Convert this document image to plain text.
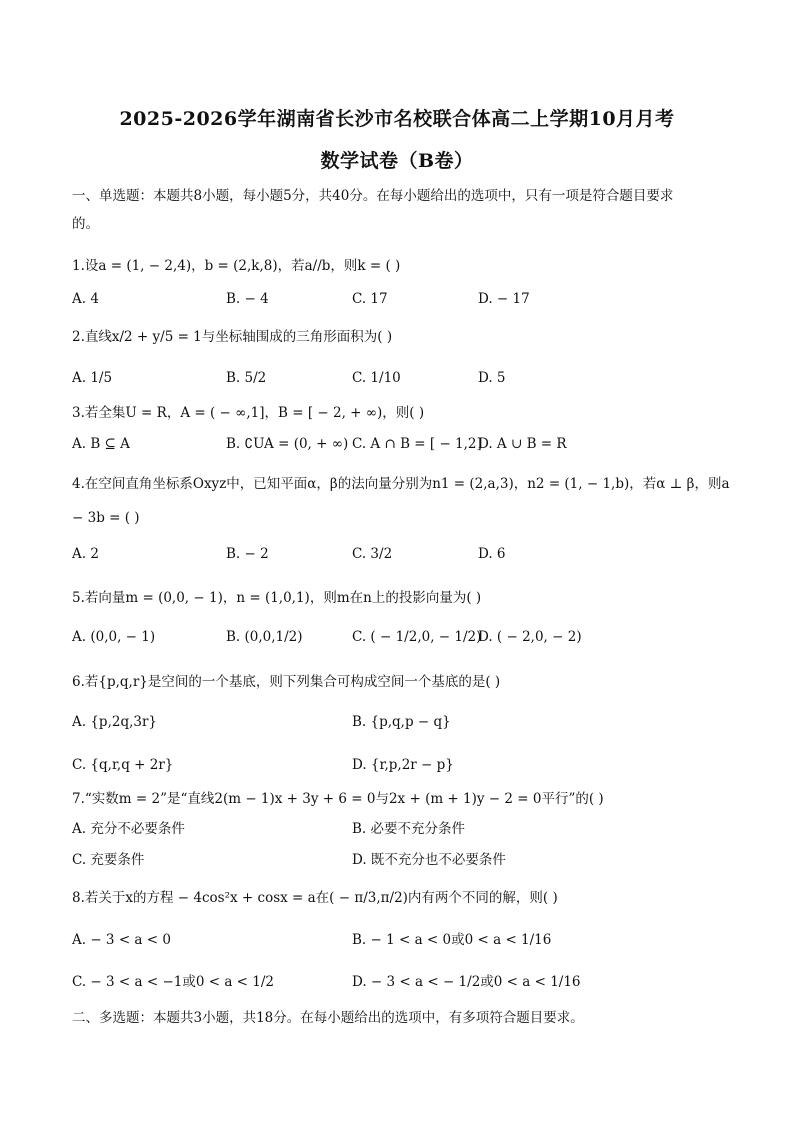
2025-2026学年湖南省长沙市名校联合体高二上学期10月月考
数学试卷（B卷）
一、单选题：本题共8小题，每小题5分，共40分。在每小题给出的选项中，只有一项是符合题目要求
的。
1.设a = (1, − 2,4)，b = (2,k,8)，若a//b，则k = ( )
A. 4	B. − 4	C. 17	D. − 17
2.直线x/2 + y/5 = 1与坐标轴围成的三角形面积为( )
A. 1/5	B. 5/2	C. 1/10	D. 5
3.若全集U = R，A = ( − ∞,1]，B = [ − 2, + ∞)，则( )
A. B ⊆ A	B. ∁UA = (0, + ∞) C. A ∩ B = [ − 1,2]
D. A ∪ B = R
4.在空间直角坐标系Oxyz中，已知平面α，β的法向量分别为n1 = (2,a,3)，n2 = (1, − 1,b)，若α ⊥ β，则a
− 3b = ( )
A. 2	B. − 2	C. 3/2	D. 6
5.若向量m = (0,0, − 1)，n = (1,0,1)，则m在n上的投影向量为( )
A. (0,0, − 1)	B. (0,0,1/2)	C. ( − 1/2,0, − 1/2)
D. ( − 2,0, − 2)
6.若{p,q,r}是空间的一个基底，则下列集合可构成空间一个基底的是( )
A. {p,2q,3r}	B. {p,q,p − q}
C. {q,r,q + 2r}	D. {r,p,2r − p}
7.“实数m = 2”是“直线2(m − 1)x + 3y + 6 = 0与2x + (m + 1)y − 2 = 0平行”的( )
A. 充分不必要条件	B. 必要不充分条件
C. 充要条件	D. 既不充分也不必要条件
8.若关于x的方程 − 4cos²x + cosx = a在( − π/3,π/2)内有两个不同的解，则( )
A. − 3 < a < 0	B. − 1 < a < 0或0 < a < 1/16
C. − 3 < a < −1或0 < a < 1/2	D. − 3 < a < − 1/2或0 < a < 1/16
二、多选题：本题共3小题，共18分。在每小题给出的选项中，有多项符合题目要求。
